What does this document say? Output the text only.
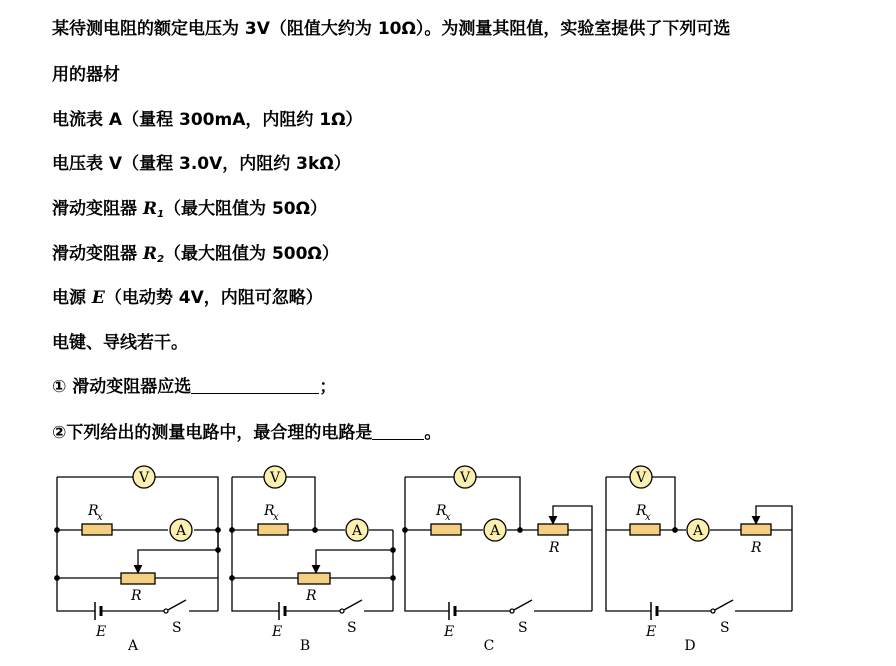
某待测电阻的额定电压为 3V（阻值大约为 10Ω）。为测量其阻值，实验室提供了下列可选
用的器材
电流表 A（量程 300mA，内阻约 1Ω）
电压表 V（量程 3.0V，内阻约 3kΩ）
滑动变阻器 $R_1$（最大阻值为 50Ω）
滑动变阻器 $R_2$（最大阻值为 500Ω）
电源 E（电动势 4V，内阻可忽略）
电键、导线若干。
① 滑动变阻器应选	；
②下列给出的测量电路中，最合理的电路是	。
V
A
R
x
R
E	S
A
V
A
R
x
R
E	S
B
V
A
R
x
R
E	S
C
V
A
R
x
R
E	S
D
